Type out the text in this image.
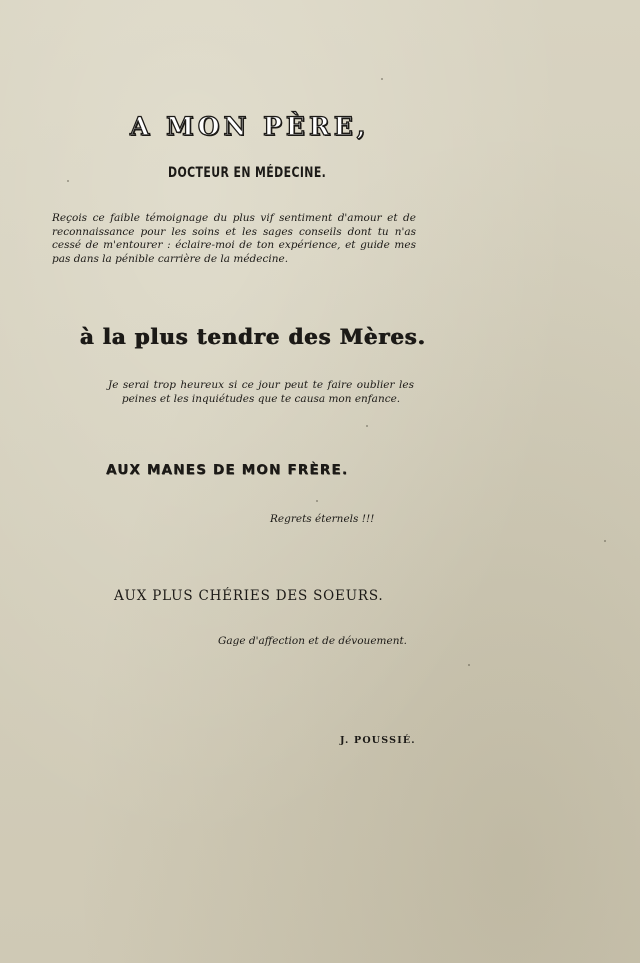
A MON PÈRE,
DOCTEUR EN MÉDECINE.
Reçois ce faible témoignage du plus vif sentiment d'amour et de reconnaissance pour les soins et les sages conseils dont tu n'as cessé de m'entourer : éclaire-moi de ton expérience, et guide mes pas dans la pénible carrière de la médecine.
à la plus tendre des Mères.
Je serai trop heureux si ce jour peut te faire oublier les peines et les inquiétudes que te causa mon enfance.
AUX MANES DE MON FRÈRE.
Regrets éternels !!!
AUX PLUS CHÉRIES DES SOEURS.
Gage d'affection et de dévouement.
J. POUSSIÉ.
